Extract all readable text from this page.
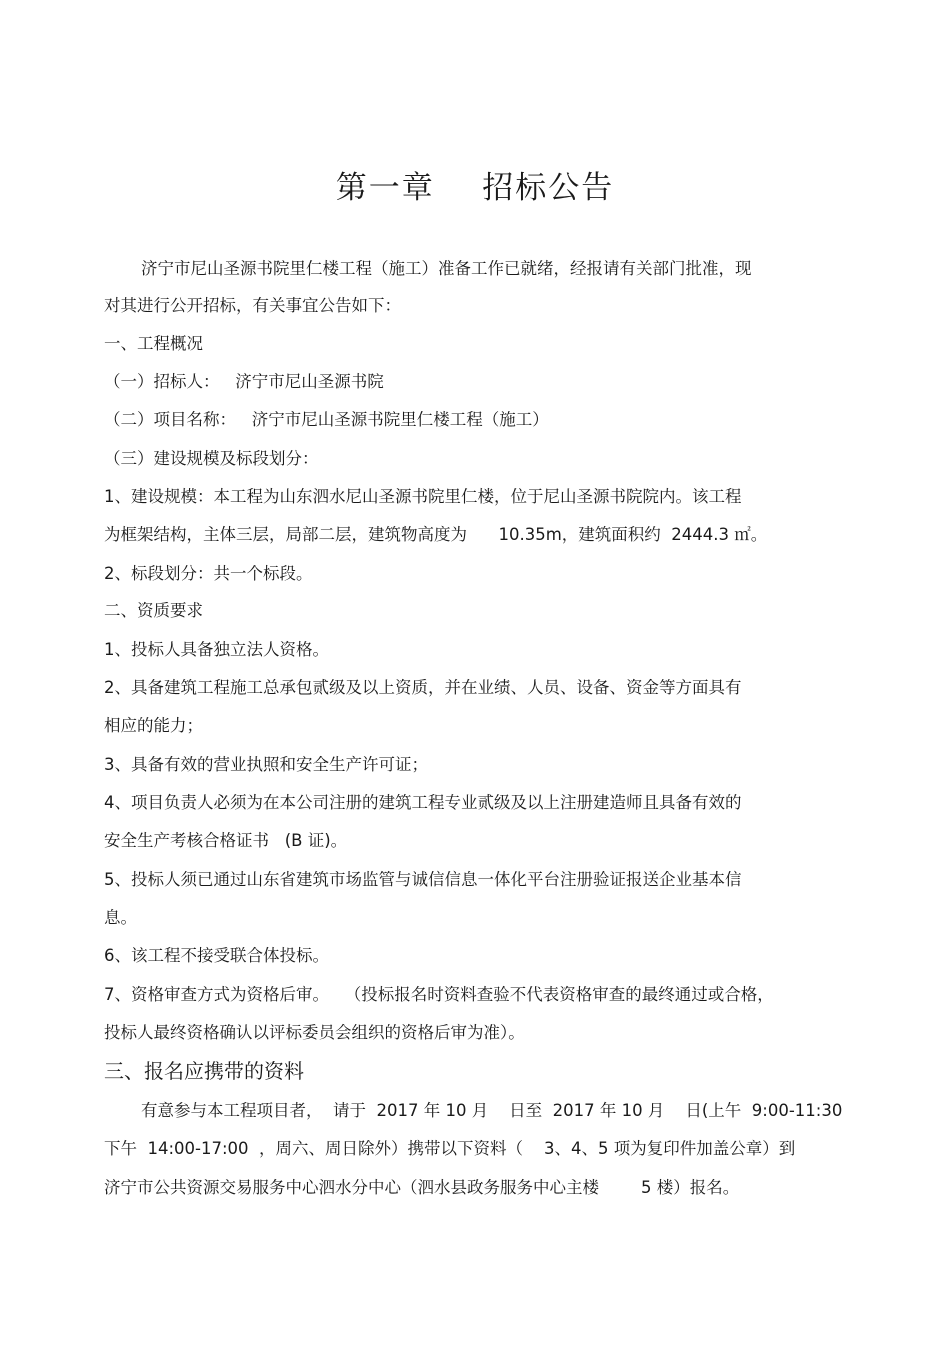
第一章    招标公告
济宁市尼山圣源书院里仁楼工程（施工）准备工作已就绪，经报请有关部门批准，现
对其进行公开招标，有关事宜公告如下：
一、工程概况
（一）招标人：   济宁市尼山圣源书院
（二）项目名称：   济宁市尼山圣源书院里仁楼工程（施工）
（三）建设规模及标段划分：
1、建设规模：本工程为山东泗水尼山圣源书院里仁楼，位于尼山圣源书院院内。该工程
为框架结构，主体三层，局部二层，建筑物高度为      10.35m，建筑面积约  2444.3 ㎡。
2、标段划分：共一个标段。
二、资质要求
1、投标人具备独立法人资格。
2、具备建筑工程施工总承包贰级及以上资质，并在业绩、人员、设备、资金等方面具有
相应的能力；
3、具备有效的营业执照和安全生产许可证；
4、项目负责人必须为在本公司注册的建筑工程专业贰级及以上注册建造师且具备有效的
安全生产考核合格证书   (B 证)。
5、投标人须已通过山东省建筑市场监管与诚信信息一体化平台注册验证报送企业基本信
息。
6、该工程不接受联合体投标。
7、资格审查方式为资格后审。   （投标报名时资料查验不代表资格审查的最终通过或合格，
投标人最终资格确认以评标委员会组织的资格后审为准）。
三、报名应携带的资料
有意参与本工程项目者，  请于  2017 年 10 月    日至  2017 年 10 月    日(上午  9:00-11:30
下午  14:00-17:00  ，周六、周日除外）携带以下资料（    3、4、5 项为复印件加盖公章）到
济宁市公共资源交易服务中心泗水分中心（泗水县政务服务中心主楼        5 楼）报名。
